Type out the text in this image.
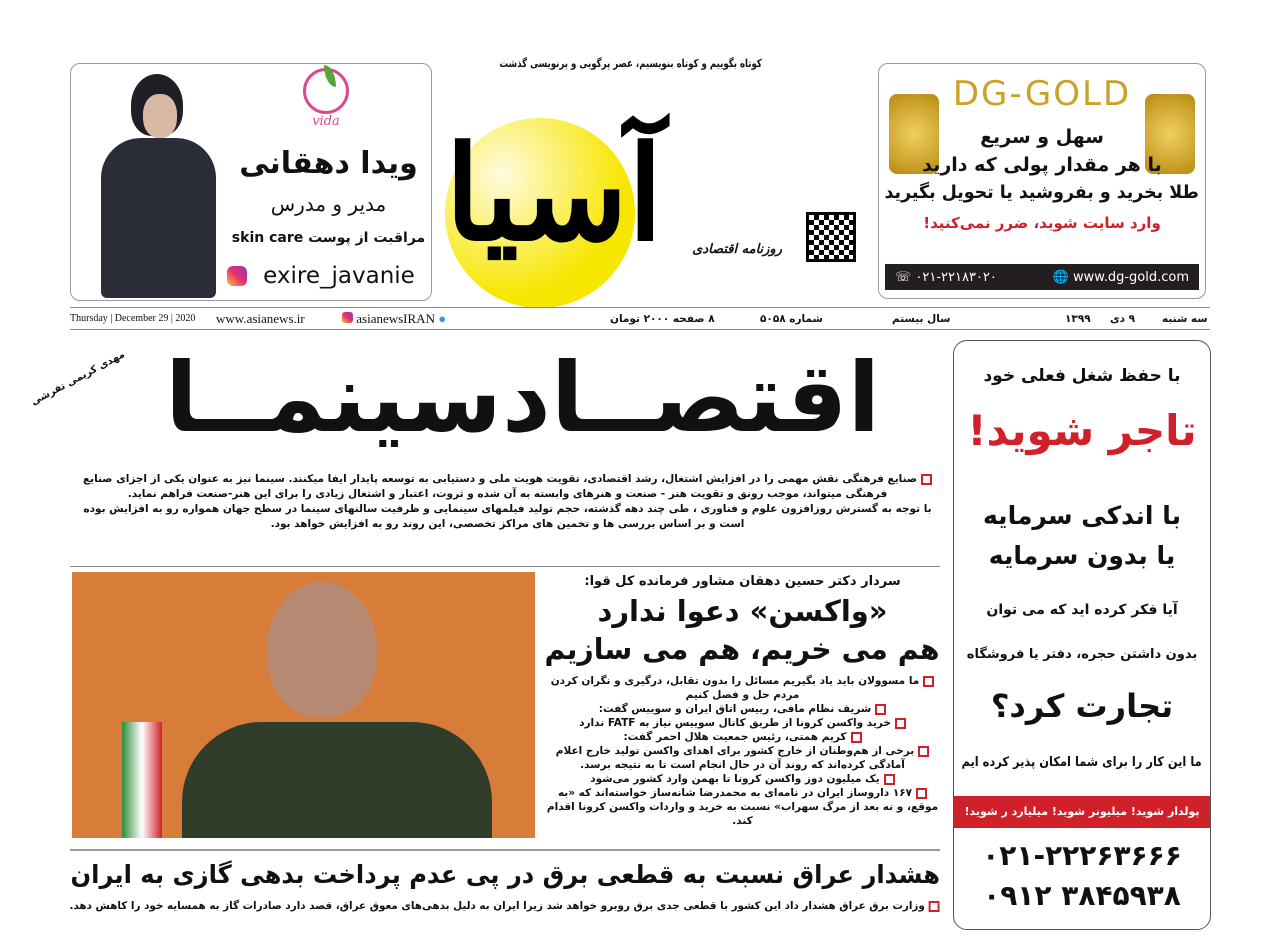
vida
ویدا دهقانی
مدیر و مدرس
مراقبت از پوست skin care
exire_javanie
کوتاه بگوییم و کوتاه بنویسیم، عصر پرگویی و پرنویسی گذشت
آسیا	روزنامه اقتصادی
DG-GOLD
سهل و سریع
با هر مقدار پولی که دارید
طلا بخرید و بفروشید یا تحویل بگیرید
وارد سایت شوید، ضرر نمی‌کنید!
☏ ۰۲۱-۲۲۱۸۳۰۲۰	🌐 www.dg-gold.com
Thursday | December 29 | 2020 www.asianews.ir	asianewsIRAN ●	۸ صفحه ۲۰۰۰ تومان	شماره ۵۰۵۸	سال بیستم	۱۳۹۹ ۹ دی	سه شنبه
اقتصــادسینمــا
مهدی کریمی تفرشی
صنایع فرهنگی نقش مهمی را در افزایش اشتغال، رشد اقتصادی، تقویت هویت ملی و دستیابی به توسعه پایدار ایفا میکنند. سینما نیز به عنوان یکی از اجزای صنایع فرهنگی میتواند، موجب رونق و تقویت هنر - صنعت و هنرهای وابسته به آن شده و ثروت، اعتبار و اشتغال زیادی را برای این هنر-صنعت فراهم نماید.
با توجه به گسترش روزافزون علوم و فناوری ، طی چند دهه گذشته، حجم تولید فیلمهای سینمایی و ظرفیت سالنهای سینما در سطح جهان همواره رو به افزایش بوده است و بر اساس بررسی ها و تخمین های مراکز تخصصی، این روند رو به افزایش خواهد بود.
سردار دکتر حسین دهقان مشاور فرمانده کل قوا:
«واکسن» دعوا ندارد
هم می خریم، هم می سازیم
ما مسوولان باید یاد بگیریم مسائل را بدون تقابل، درگیری و نگران کردن مردم حل و فصل کنیم
شریف نظام مافی، رییس اتاق ایران و سوییس گفت:
خرید واکسن کرونا از طریق کانال سوییس نیاز به FATF ندارد
کریم همتی، رئیس جمعیت هلال احمر گفت:
برخی از هم‌وطنان از خارج کشور برای اهدای واکسن تولید خارج اعلام آمادگی کرده‌اند که روند آن در حال انجام است تا به نتیجه برسد.
یک میلیون دوز واکسن کرونا تا بهمن وارد کشور می‌شود
۱۶۷ داروساز ایران در نامه‌ای به محمدرضا شانه‌ساز خواسته‌اند که «به موقع، و نه بعد از مرگ سهراب» نسبت به خرید و واردات واکسن کرونا اقدام کند.
هشدار عراق نسبت به قطعی برق در پی عدم پرداخت بدهی گازی به ایران
وزارت برق عراق هشدار داد این کشور با قطعی جدی برق روبرو خواهد شد زیرا ایران به دلیل بدهی‌های معوق عراق، قصد دارد صادرات گاز به همسایه خود را کاهش دهد.
با حفظ شغل فعلی خود
تاجر شوید!
با اندکی سرمایه
یا بدون سرمایه
آیا فکر کرده اید که می توان
بدون داشتن حجره، دفتر یا فروشگاه
تجارت کرد؟
ما این کار را برای شما امکان پذیر کرده ایم
پولدار شوید! میلیونر شوید! میلیارد ر شوید!
۰۲۱-۲۲۲۶۳۶۶۶
۰۹۱۲ ۳۸۴۵۹۳۸
